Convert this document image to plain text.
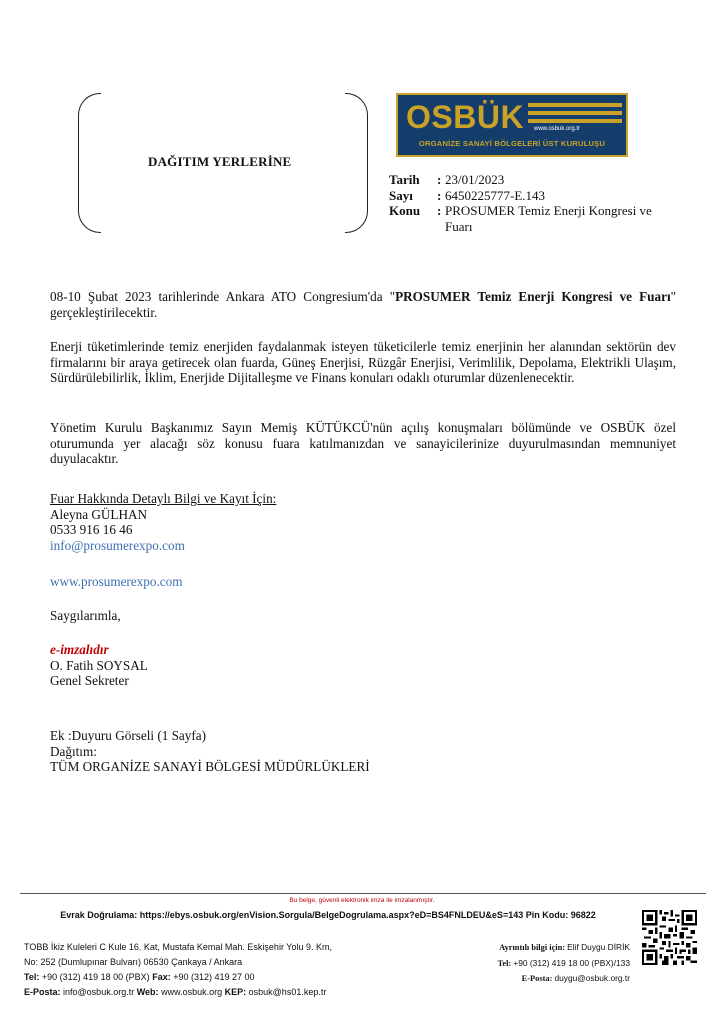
DAĞITIM YERLERİNE
OSBÜK www.osbuk.org.tr
ORGANİZE SANAYİ BÖLGELERİ ÜST KURULUŞU
Tarih	: 23/01/2023
Sayı	: 6450225777-E.143
Konu	: PROSUMER Temiz Enerji Kongresi ve Fuarı
08-10 Şubat 2023 tarihlerinde Ankara ATO Congresium'da "PROSUMER Temiz Enerji Kongresi ve Fuarı" gerçekleştirilecektir.
Enerji tüketimlerinde temiz enerjiden faydalanmak isteyen tüketicilerle temiz enerjinin her alanından sektörün dev firmalarını bir araya getirecek olan fuarda, Güneş Enerjisi, Rüzgâr Enerjisi, Verimlilik, Depolama, Elektrikli Ulaşım, Sürdürülebilirlik, İklim, Enerjide Dijitalleşme ve Finans konuları odaklı oturumlar düzenlenecektir.
Yönetim Kurulu Başkanımız Sayın Memiş KÜTÜKCÜ'nün açılış konuşmaları bölümünde ve OSBÜK özel oturumunda yer alacağı söz konusu fuara katılmanızdan ve sanayicilerinize duyurulmasından memnuniyet duyulacaktır.
Fuar Hakkında Detaylı Bilgi ve Kayıt İçin:
Aleyna GÜLHAN
0533 916 16 46
info@prosumerexpo.com
www.prosumerexpo.com
Saygılarımla,
e-imzalıdır
O. Fatih SOYSAL
Genel Sekreter
Ek :Duyuru Görseli (1 Sayfa)
Dağıtım:
TÜM ORGANİZE SANAYİ BÖLGESİ MÜDÜRLÜKLERİ
Bu belge, güvenli elektronik imza ile imzalanmıştır.
Evrak Doğrulama: https://ebys.osbuk.org/enVision.Sorgula/BelgeDogrulama.aspx?eD=BS4FNLDEU&eS=143 Pin Kodu: 96822
TOBB İkiz Kuleleri C Kule 16. Kat, Mustafa Kemal Mah. Eskişehir Yolu 9. Km,
No: 252 (Dumlupınar Bulvarı) 06530 Çankaya / Ankara
Tel: +90 (312) 419 18 00 (PBX) Fax: +90 (312) 419 27 00
E-Posta: info@osbuk.org.tr Web: www.osbuk.org KEP: osbuk@hs01.kep.tr
Ayrıntılı bilgi için: Elif Duygu DİRİK
Tel: +90 (312) 419 18 00 (PBX)/133
E-Posta: duygu@osbuk.org.tr
